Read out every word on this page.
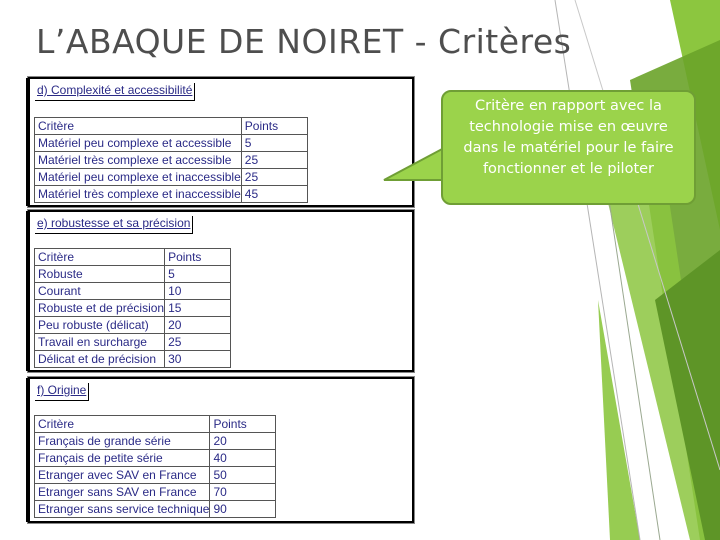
L’ABAQUE DE NOIRET - Critères
d) Complexité et accessibilité
Critère	Points
Matériel peu complexe et accessible	5
Matériel très complexe et accessible	25
Matériel peu complexe et inaccessible	25
Matériel très complexe et inaccessible	45
e) robustesse et sa précision
Critère	Points
Robuste	5
Courant	10
Robuste et de précision	15
Peu robuste (délicat)	20
Travail en surcharge	25
Délicat et de précision	30
f) Origine
Critère	Points
Français de grande série	20
Français de petite série	40
Etranger avec SAV en France	50
Etranger sans SAV en France	70
Etranger sans service technique	90
Critère en rapport avec la technologie mise en œuvre dans le matériel pour le faire fonctionner et le piloter
